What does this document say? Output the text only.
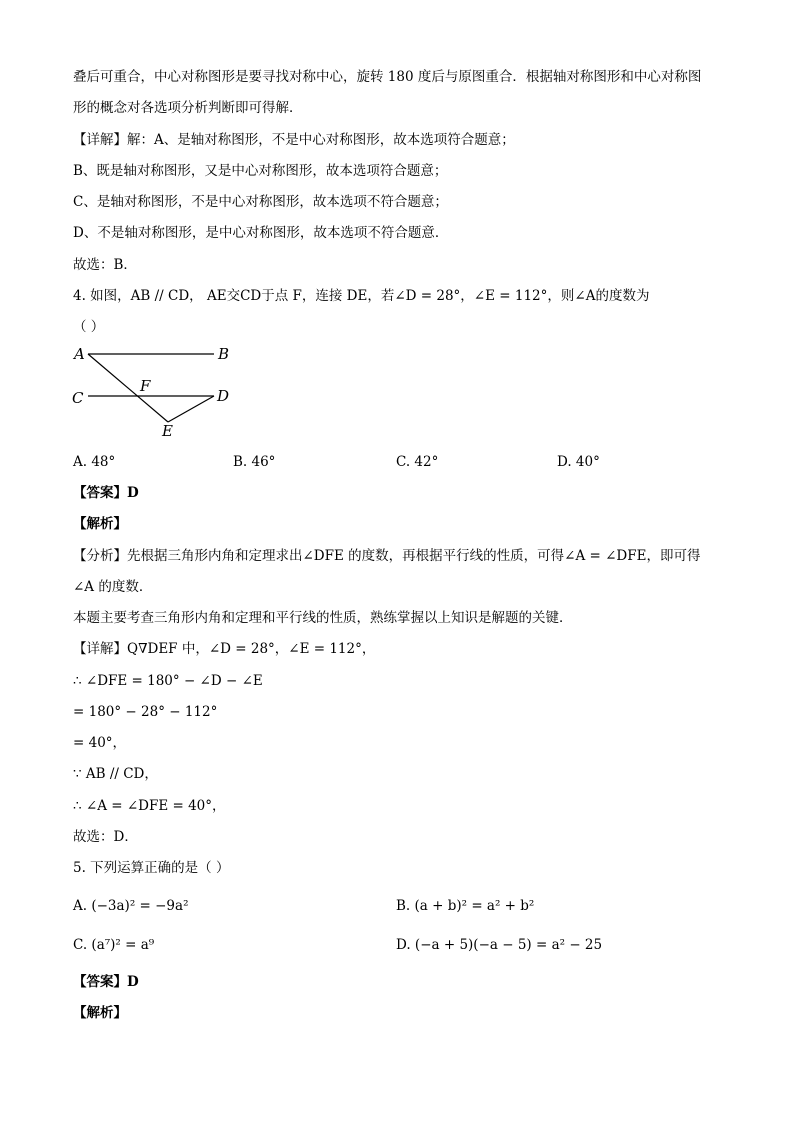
叠后可重合，中心对称图形是要寻找对称中心，旋转 180 度后与原图重合．根据轴对称图形和中心对称图
形的概念对各选项分析判断即可得解．
【详解】解：A、是轴对称图形，不是中心对称图形，故本选项符合题意；
B、既是轴对称图形，又是中心对称图形，故本选项符合题意；
C、是轴对称图形，不是中心对称图形，故本选项不符合题意；
D、不是轴对称图形，是中心对称图形，故本选项不符合题意．
故选：B．
4. 如图，AB // CD， AE交CD于点 F，连接 DE，若∠D = 28°，∠E = 112°，则∠A的度数为
（ ）
A	B
C	D
F
E
A. 48°	B. 46°	C. 42°	D. 40°
【答案】D
【解析】
【分析】先根据三角形内角和定理求出∠DFE 的度数，再根据平行线的性质，可得∠A = ∠DFE，即可得
∠A 的度数．
本题主要考查三角形内角和定理和平行线的性质，熟练掌握以上知识是解题的关键．
【详解】Q∇DEF 中，∠D = 28°，∠E = 112°，
∴ ∠DFE = 180° − ∠D − ∠E
= 180° − 28° − 112°
= 40°，
∵ AB // CD，
∴ ∠A = ∠DFE = 40°，
故选：D．
5. 下列运算正确的是（ ）
A. (−3a)² = −9a²	B. (a + b)² = a² + b²
C. (a⁷)² = a⁹	D. (−a + 5)(−a − 5) = a² − 25
【答案】D
【解析】
